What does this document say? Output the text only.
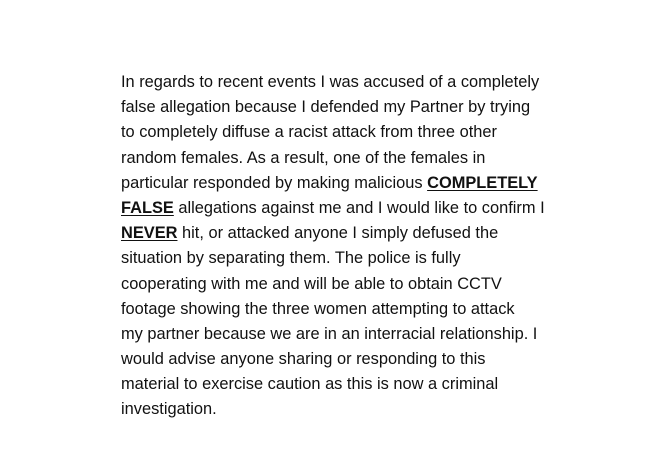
In regards to recent events I was accused of a completely
false allegation because I defended my Partner by trying
to completely diffuse a racist attack from three other
random females. As a result, one of the females in
particular responded by making malicious COMPLETELY
FALSE allegations against me and I would like to confirm I
NEVER hit, or attacked anyone I simply defused the
situation by separating them. The police is fully
cooperating with me and will be able to obtain CCTV
footage showing the three women attempting to attack
my partner because we are in an interracial relationship. I
would advise anyone sharing or responding to this
material to exercise caution as this is now a criminal
investigation.
